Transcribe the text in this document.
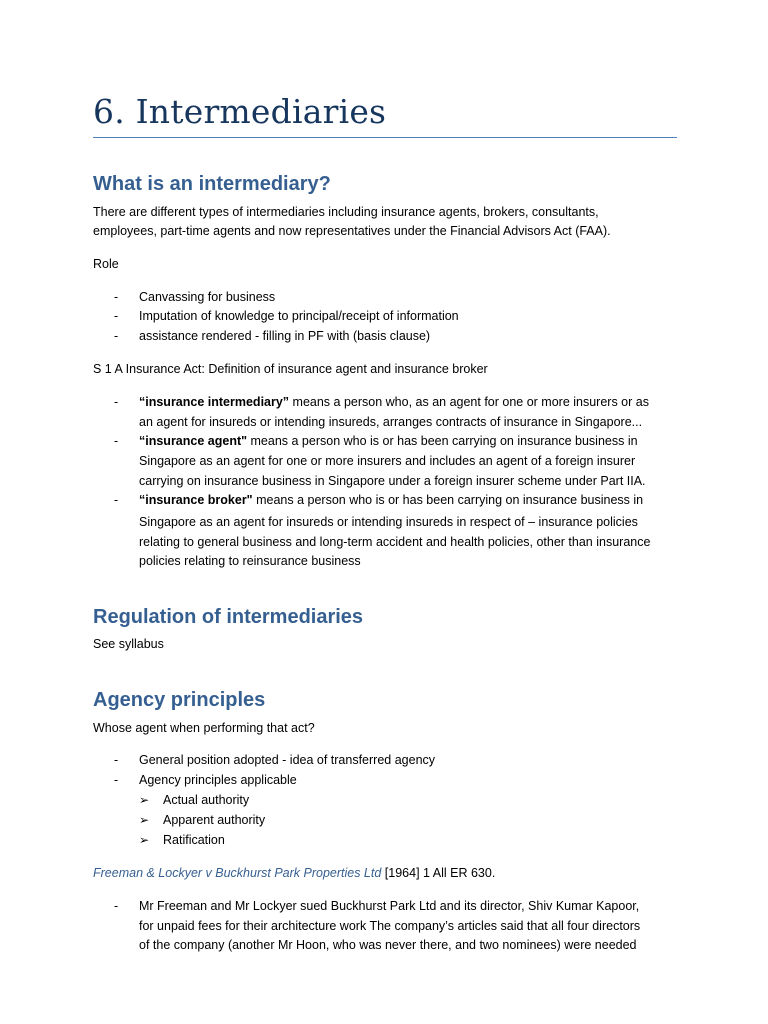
6. Intermediaries
What is an intermediary?
There are different types of intermediaries including insurance agents, brokers, consultants,
employees, part-time agents and now representatives under the Financial Advisors Act (FAA).
Role
- Canvassing for business
- Imputation of knowledge to principal/receipt of information
- assistance rendered - filling in PF with (basis clause)
S 1 A Insurance Act: Definition of insurance agent and insurance broker
- “insurance intermediary” means a person who, as an agent for one or more insurers or as
an agent for insureds or intending insureds, arranges contracts of insurance in Singapore...
- “insurance agent" means a person who is or has been carrying on insurance business in
Singapore as an agent for one or more insurers and includes an agent of a foreign insurer
carrying on insurance business in Singapore under a foreign insurer scheme under Part IIA.
- “insurance broker" means a person who is or has been carrying on insurance business in
Singapore as an agent for insureds or intending insureds in respect of – insurance policies
relating to general business and long-term accident and health policies, other than insurance
policies relating to reinsurance business
Regulation of intermediaries
See syllabus
Agency principles
Whose agent when performing that act?
- General position adopted - idea of transferred agency
- Agency principles applicable
➢ Actual authority
➢ Apparent authority
➢ Ratification
Freeman & Lockyer v Buckhurst Park Properties Ltd [1964] 1 All ER 630.
- Mr Freeman and Mr Lockyer sued Buckhurst Park Ltd and its director, Shiv Kumar Kapoor,
for unpaid fees for their architecture work The company’s articles said that all four directors
of the company (another Mr Hoon, who was never there, and two nominees) were needed
